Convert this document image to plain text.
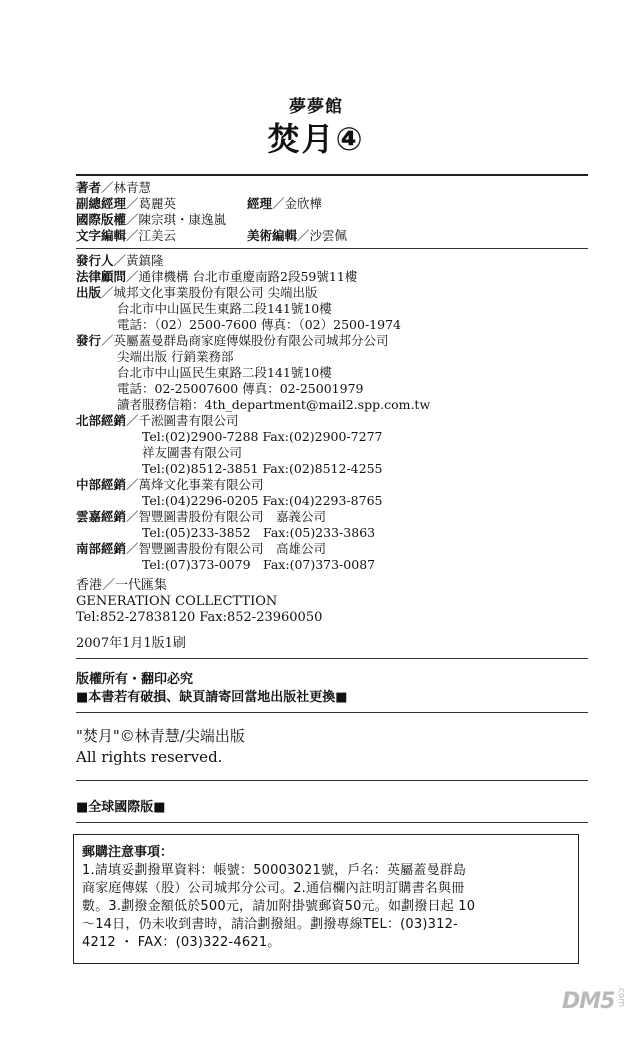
夢夢館
焚月④
著者／林青慧
副總經理／葛麗英	經理／金欣樺
國際版權／陳宗琪・康逸嵐
文字編輯／江美云	美術編輯／沙雲佩
發行人／黃鎮隆
法律顧問／通律機構 台北市重慶南路2段59號11樓
出版／城邦文化事業股份有限公司 尖端出版
台北市中山區民生東路二段141號10樓
電話：（02）2500-7600 傳真：（02）2500-1974
發行／英屬蓋曼群島商家庭傳媒股份有限公司城邦分公司
尖端出版 行銷業務部
台北市中山區民生東路二段141號10樓
電話：02-25007600 傳真：02-25001979
讀者服務信箱：4th_department@mail2.spp.com.tw
北部經銷／千淞圖書有限公司
Tel:(02)2900-7288 Fax:(02)2900-7277
祥友圖書有限公司
Tel:(02)8512-3851 Fax:(02)8512-4255
中部經銷／萬烽文化事業有限公司
Tel:(04)2296-0205 Fax:(04)2293-8765
雲嘉經銷／智豐圖書股份有限公司　嘉義公司
Tel:(05)233-3852　Fax:(05)233-3863
南部經銷／智豐圖書股份有限公司　高雄公司
Tel:(07)373-0079　Fax:(07)373-0087
香港／一代匯集
GENERATION COLLECTTION
Tel:852-27838120 Fax:852-23960050
2007年1月1版1刷
版權所有・翻印必究
■本書若有破損、缺頁請寄回當地出版社更換■
"焚月"©林青慧/尖端出版
All rights reserved.
■全球國際版■
郵購注意事項：
1.請填妥劃撥單資料：帳號：50003021號，戶名：英屬蓋曼群島
商家庭傳媒（股）公司城邦分公司。2.通信欄內註明訂購書名與冊
數。3.劃撥金額低於500元，請加附掛號郵資50元。如劃撥日起 10
～14日，仍未收到書時，請洽劃撥組。劃撥專線TEL：(03)312-
4212 ・ FAX：(03)322-4621。
DM5 .com
